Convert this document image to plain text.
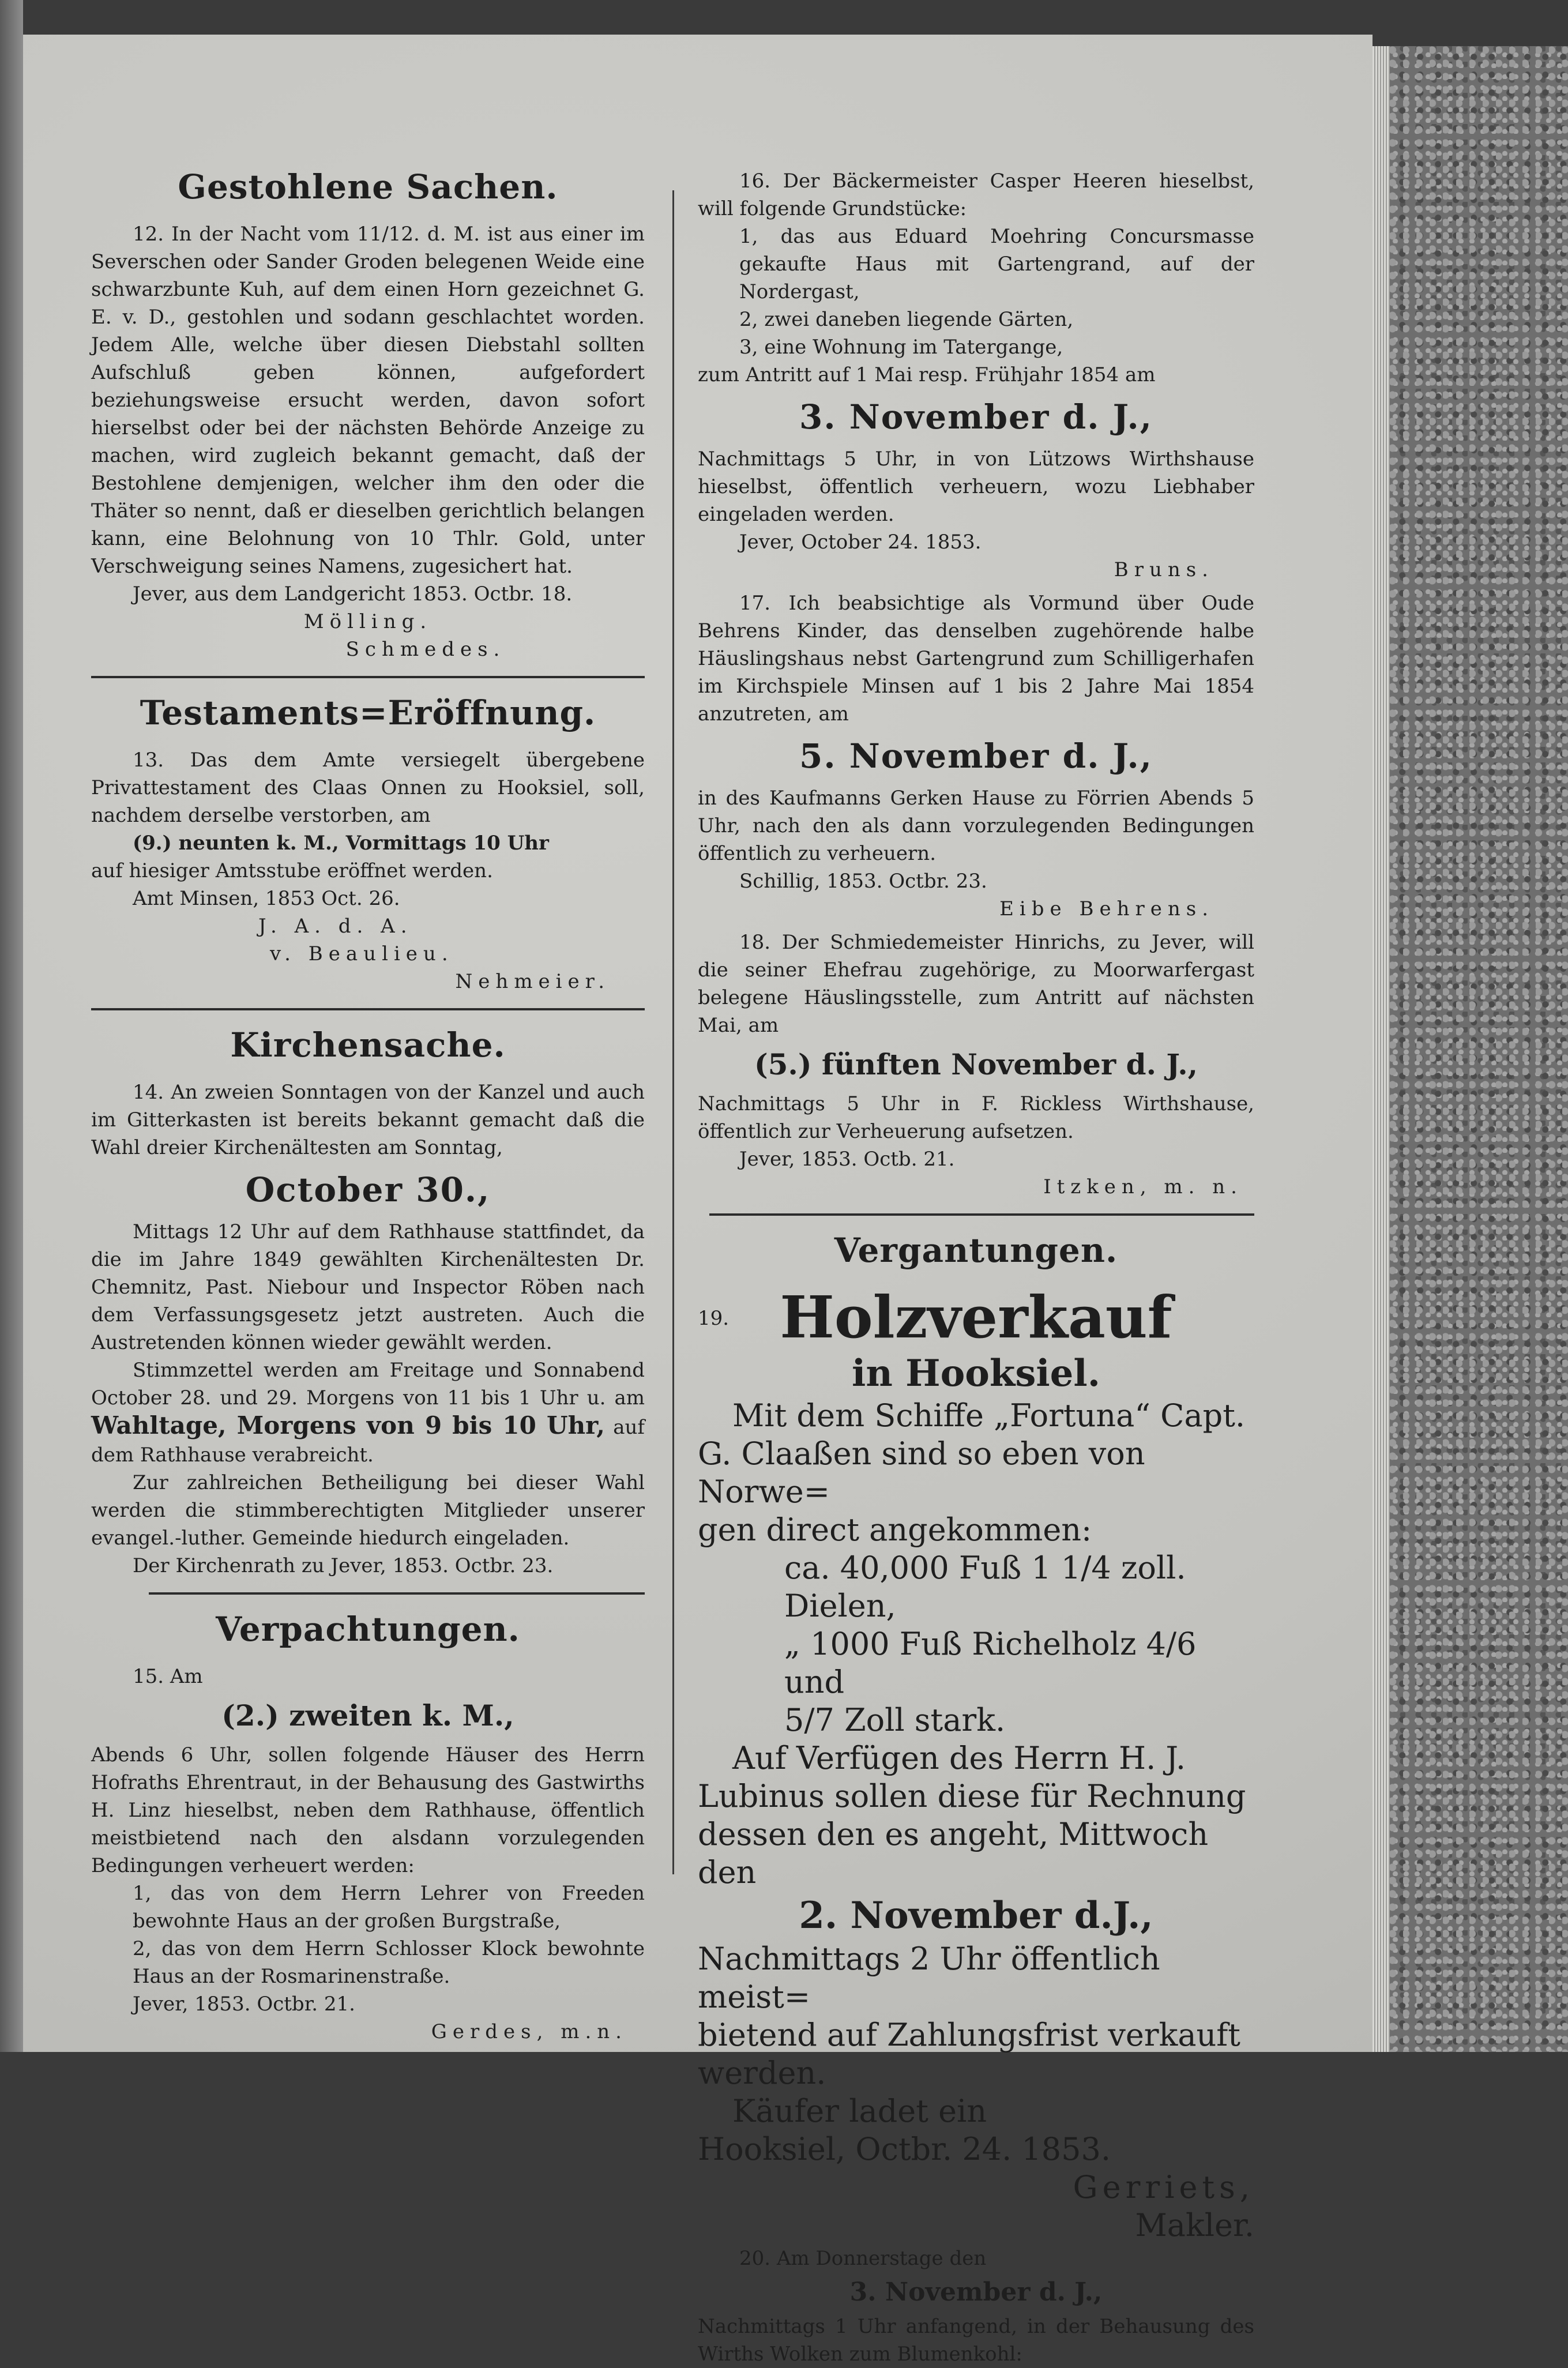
Gestohlene Sachen.

12. In der Nacht vom 11/12. d. M. ist aus einer im Severschen oder Sander Groden belegenen Weide eine schwarzbunte Kuh, auf dem einen Horn gezeichnet G. E. v. D., gestohlen und sodann geschlachtet worden. Jedem Alle, welche über diesen Diebstahl sollten Aufschluß geben können, aufgefordert beziehungsweise ersucht werden, davon sofort hierselbst oder bei der nächsten Behörde Anzeige zu machen, wird zugleich bekannt gemacht, daß der Bestohlene demjenigen, welcher ihm den oder die Thäter so nennt, daß er dieselben gerichtlich belangen kann, eine Belohnung von 10 Thlr. Gold, unter Verschweigung seines Namens, zugesichert hat.

Jever, aus dem Landgericht 1853. Octbr. 18.

Mölling.

Schmedes.

Testaments=Eröffnung.

13. Das dem Amte versiegelt übergebene Privattestament des Claas Onnen zu Hooksiel, soll, nachdem derselbe verstorben, am

(9.) neunten k. M., Vormittags 10 Uhr

auf hiesiger Amtsstube eröffnet werden.

Amt Minsen, 1853 Oct. 26.

J. A. d. A.

v. Beaulieu.

Nehmeier.

Kirchensache.

14. An zweien Sonntagen von der Kanzel und auch im Gitterkasten ist bereits bekannt gemacht daß die Wahl dreier Kirchenältesten am Sonntag,

October 30.,

Mittags 12 Uhr auf dem Rathhause stattfindet, da die im Jahre 1849 gewählten Kirchenältesten Dr. Chemnitz, Past. Niebour und Inspector Röben nach dem Verfassungsgesetz jetzt austreten. Auch die Austretenden können wieder gewählt werden.

Stimmzettel werden am Freitage und Sonnabend October 28. und 29. Morgens von 11 bis 1 Uhr u. am Wahltage, Morgens von 9 bis 10 Uhr, auf dem Rathhause verabreicht.

Zur zahlreichen Betheiligung bei dieser Wahl werden die stimmberechtigten Mitglieder unserer evangel.-luther. Gemeinde hiedurch eingeladen.

Der Kirchenrath zu Jever, 1853. Octbr. 23.

Verpachtungen.

15. Am

(2.) zweiten k. M.,

Abends 6 Uhr, sollen folgende Häuser des Herrn Hofraths Ehrentraut, in der Behausung des Gastwirths H. Linz hieselbst, neben dem Rathhause, öffentlich meistbietend nach den alsdann vorzulegenden Bedingungen verheuert werden:

1, das von dem Herrn Lehrer von Freeden bewohnte Haus an der großen Burgstraße,

2, das von dem Herrn Schlosser Klock bewohnte Haus an der Rosmarinenstraße.

Jever, 1853. Octbr. 21.

Gerdes, m.n.

16. Der Bäckermeister Casper Heeren hieselbst, will folgende Grundstücke:

1, das aus Eduard Moehring Concursmasse gekaufte Haus mit Gartengrand, auf der Nordergast,

2, zwei daneben liegende Gärten,

3, eine Wohnung im Tatergange,

zum Antritt auf 1 Mai resp. Frühjahr 1854 am

3. November d. J.,

Nachmittags 5 Uhr, in von Lützows Wirthshause hieselbst, öffentlich verheuern, wozu Liebhaber eingeladen werden.

Jever, October 24. 1853.

Bruns.

17. Ich beabsichtige als Vormund über Oude Behrens Kinder, das denselben zugehörende halbe Häuslingshaus nebst Gartengrund zum Schilligerhafen im Kirchspiele Minsen auf 1 bis 2 Jahre Mai 1854 anzutreten, am

5. November d. J.,

in des Kaufmanns Gerken Hause zu Förrien Abends 5 Uhr, nach den als dann vorzulegenden Bedingungen öffentlich zu verheuern.

Schillig, 1853. Octbr. 23.

Eibe Behrens.

18. Der Schmiedemeister Hinrichs, zu Jever, will die seiner Ehefrau zugehörige, zu Moorwarfergast belegene Häuslingsstelle, zum Antritt auf nächsten Mai, am

(5.) fünften November d. J.,

Nachmittags 5 Uhr in F. Rickless Wirthshause, öffentlich zur Verheuerung aufsetzen.

Jever, 1853. Octb. 21.

Itzken, m. n.

Vergantungen.

19. Holzverkauf

in Hooksiel.

Mit dem Schiffe „Fortuna“ Capt.

G. Claaßen sind so eben von Norwe=

gen direct angekommen:

ca. 40,000 Fuß 1 1/4 zoll. Dielen,

„ 1000 Fuß Richelholz 4/6 und

5/7 Zoll stark.

Auf Verfügen des Herrn H. J.

Lubinus sollen diese für Rechnung

dessen den es angeht, Mittwoch den

2. November d.J.,

Nachmittags 2 Uhr öffentlich meist=

bietend auf Zahlungsfrist verkauft

werden.

Käufer ladet ein

Hooksiel, Octbr. 24. 1853.

Gerriets,

Makler.

20. Am Donnerstage den

3. November d. J.,

Nachmittags 1 Uhr anfangend, in der Behausung des Wirths Wolken zum Blumenkohl:
